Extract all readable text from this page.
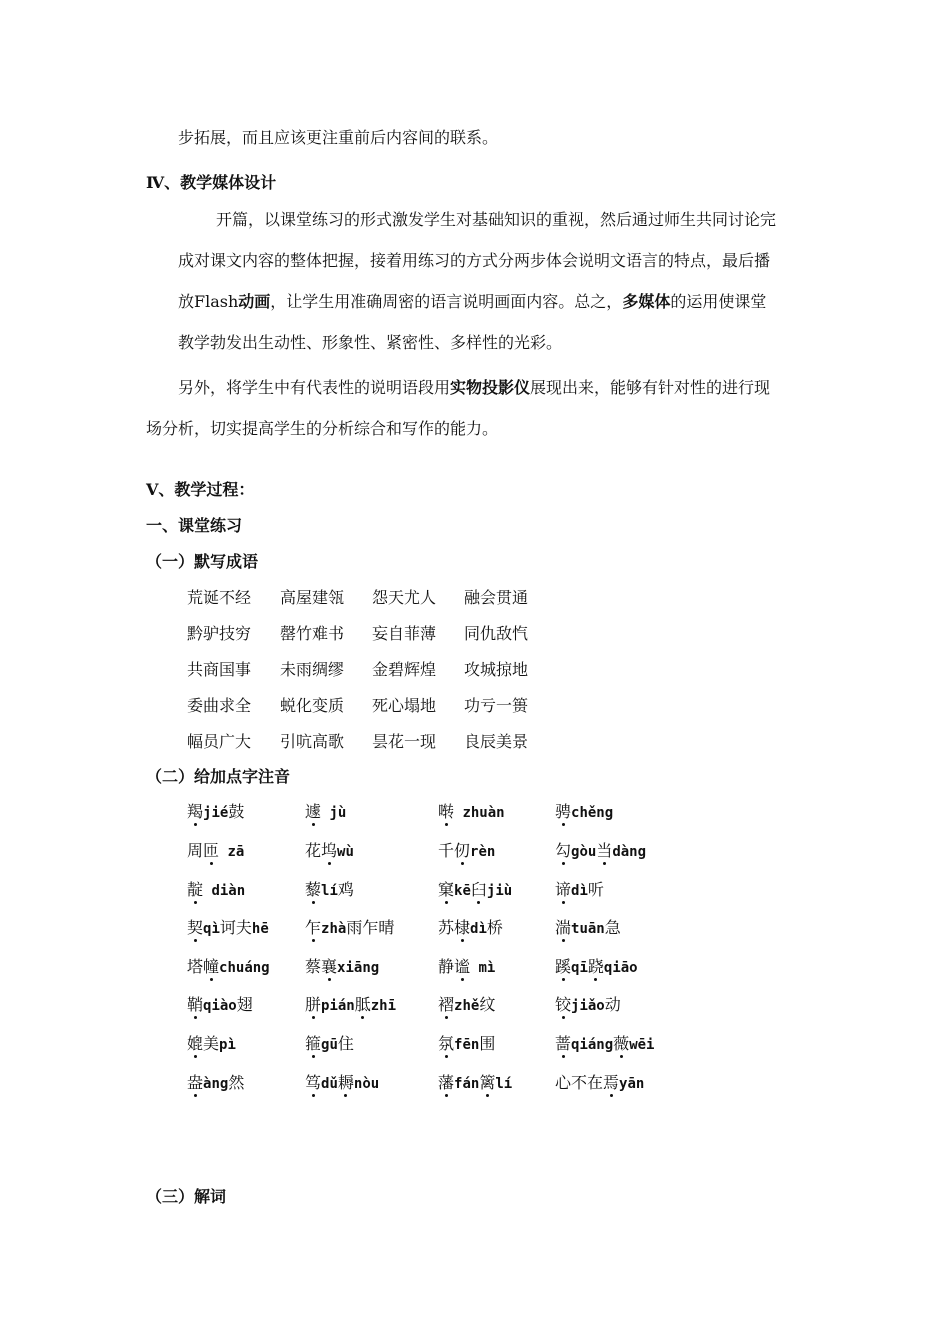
步拓展，而且应该更注重前后内容间的联系。
Ⅳ、教学媒体设计
开篇，以课堂练习的形式激发学生对基础知识的重视，然后通过师生共同讨论完
成对课文内容的整体把握，接着用练习的方式分两步体会说明文语言的特点，最后播
放Flash动画，让学生用准确周密的语言说明画面内容。总之，多媒体的运用使课堂
教学勃发出生动性、形象性、紧密性、多样性的光彩。
另外，将学生中有代表性的说明语段用实物投影仪展现出来，能够有针对性的进行现
场分析，切实提高学生的分析综合和写作的能力。
Ⅴ、教学过程：
一、课堂练习
（一）默写成语
荒诞不经 高屋建瓴 怨天尤人 融会贯通
黔驴技穷 罄竹难书 妄自菲薄 同仇敌忾
共商国事 未雨绸缪 金碧辉煌 攻城掠地
委曲求全 蜕化变质 死心塌地 功亏一篑
幅员广大 引吭高歌 昙花一现 良辰美景
（二）给加点字注音
羯jié鼓	遽 jù	啭 zhuàn	骋chěng
周匝 zā	花坞wù	千仞rèn	勾gòu当dàng
靛 diàn	藜lí鸡	窠kē臼jiù	谛dì听
契qì诃夫hē 乍zhà雨乍晴	苏棣dì桥	湍tuān急
塔幢chuáng 蔡襄xiāng	静谧 mì	蹊qī跷qiāo
鞘qiào翅	胼pián胝zhī	褶zhě纹	铰jiǎo动
媲美pì	箍gū住	氛fēn围	蔷qiáng薇wēi
盎àng然	笃dǔ耨nòu	藩fán篱lí	心不在焉yān
（三）解词
